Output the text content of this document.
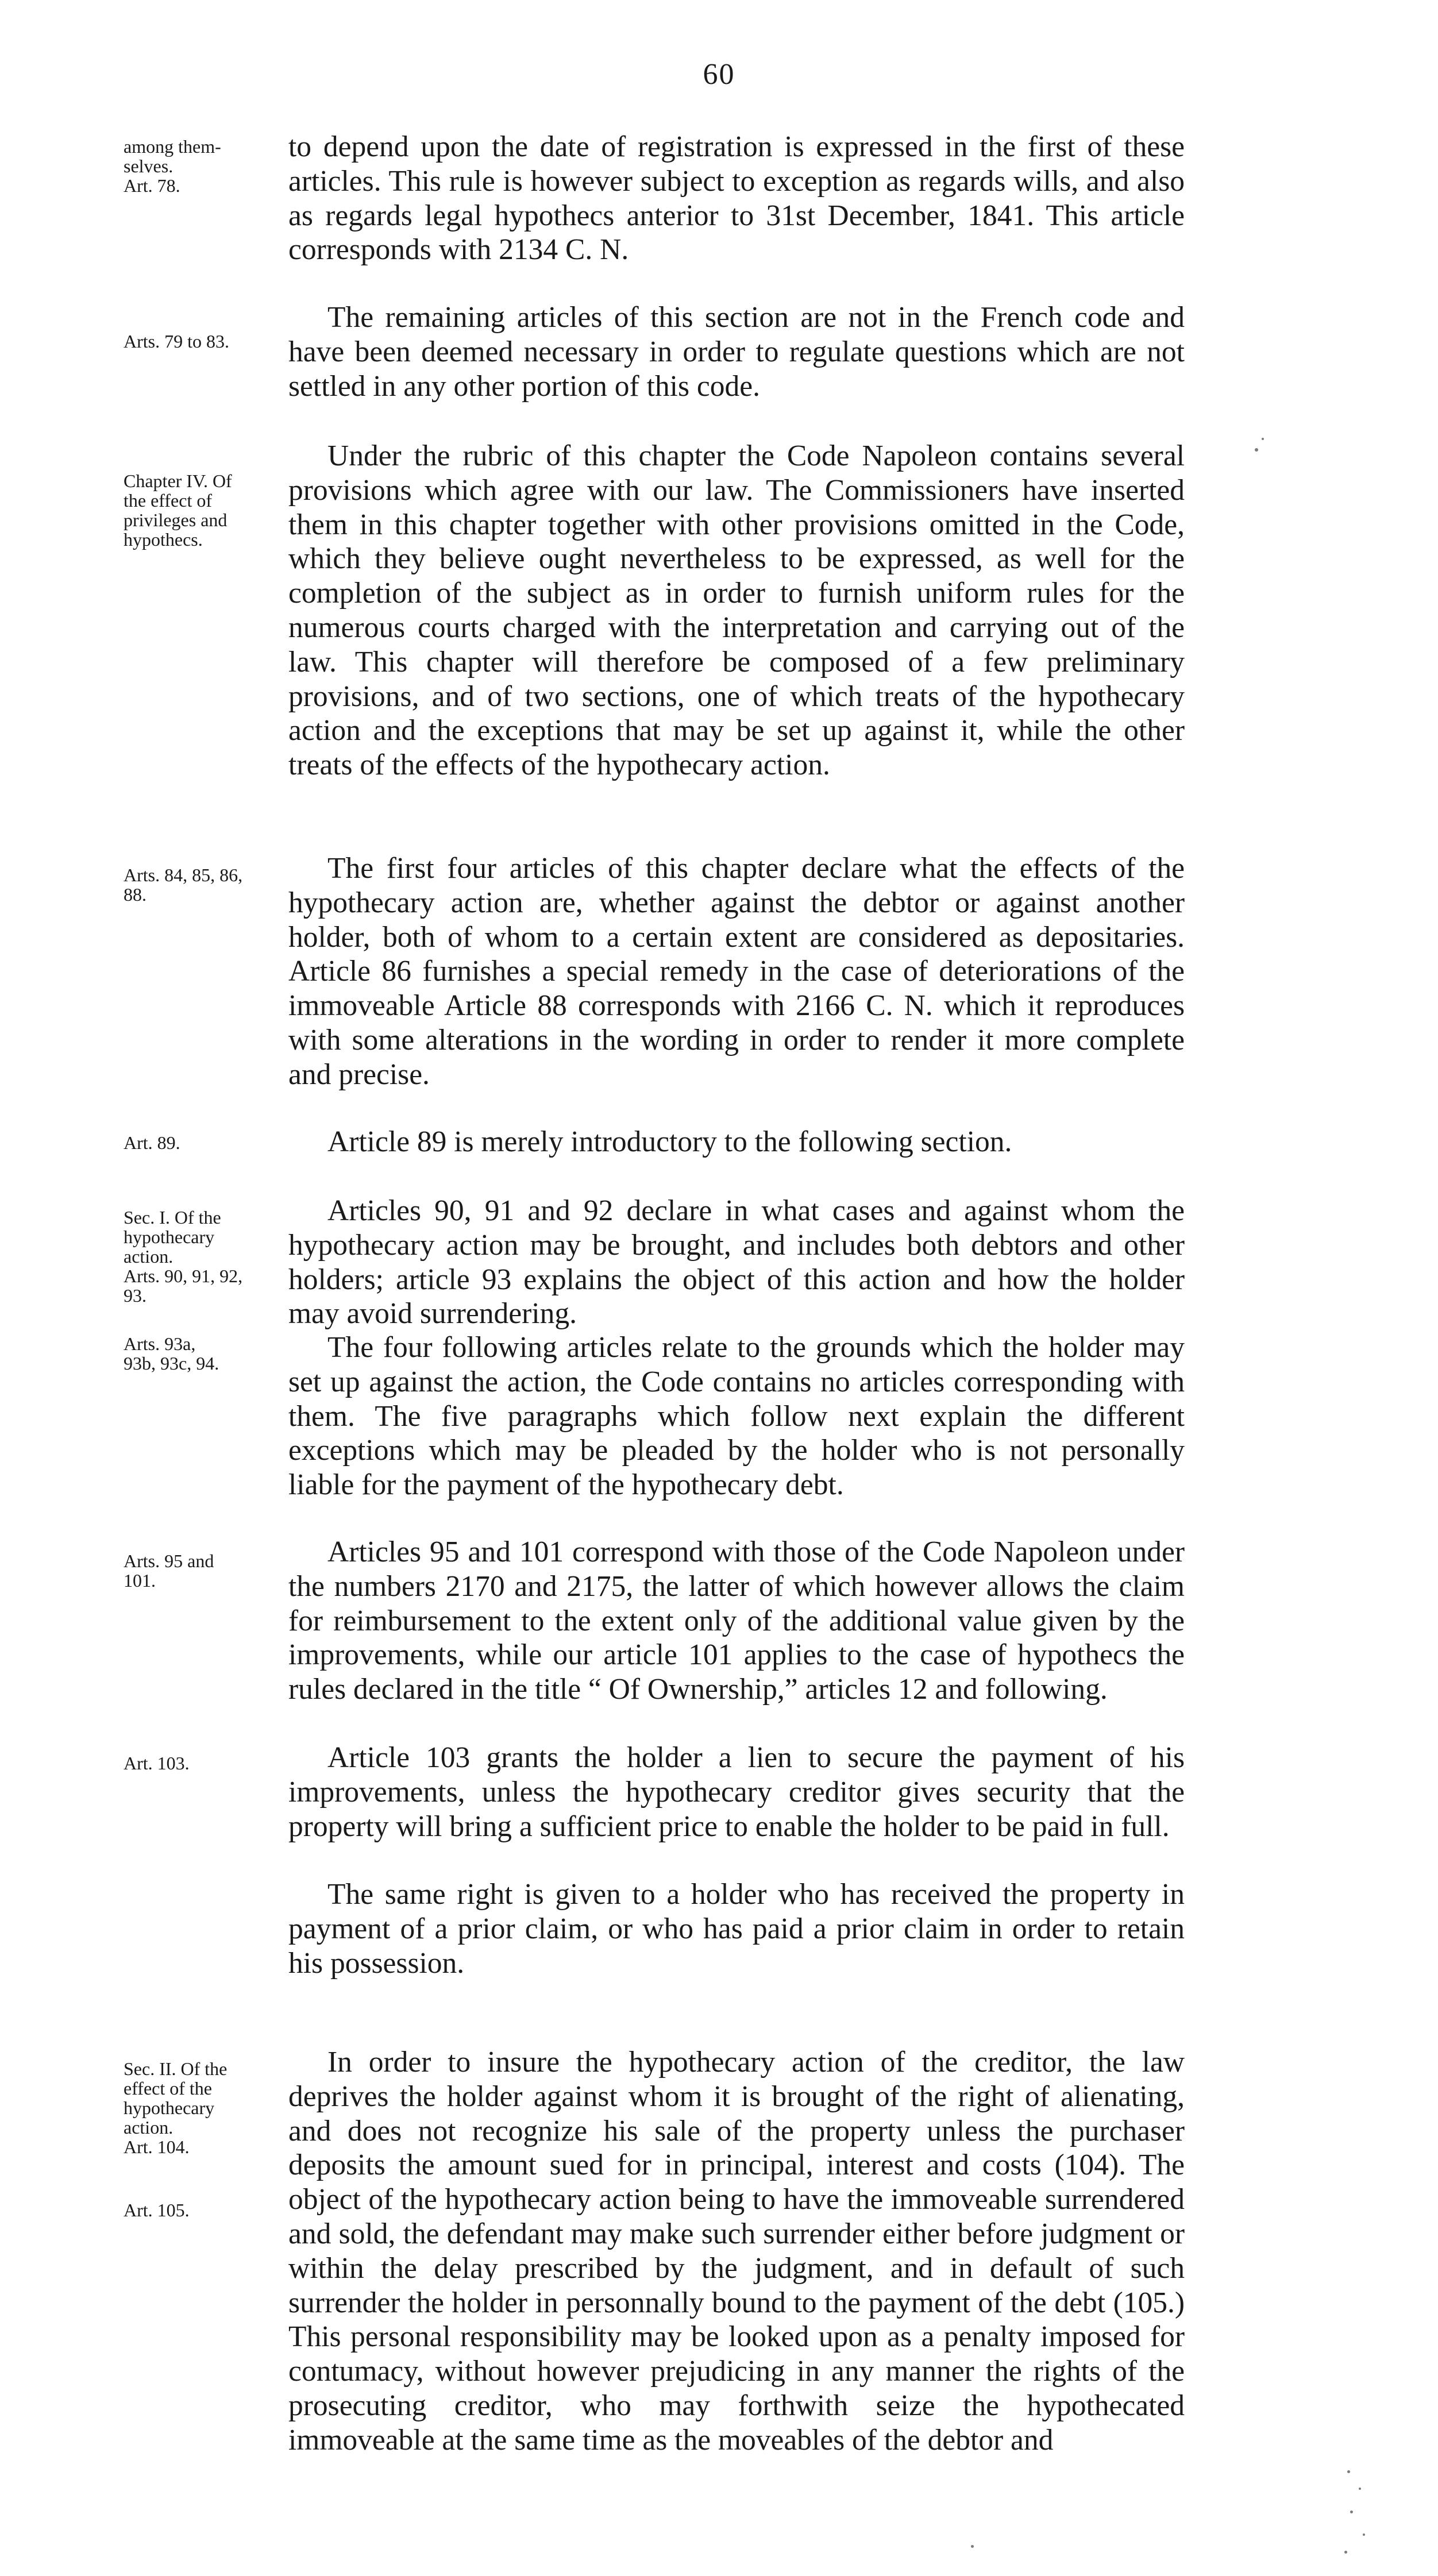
60
among them-
selves.
Art. 78.
to depend upon the date of registration is expressed in the first of these articles. This rule is however subject to exception as regards wills, and also as regards legal hypothecs anterior to 31st December, 1841. This article corresponds with 2134 C. N.
Arts. 79 to 83.
The remaining articles of this section are not in the French code and have been deemed necessary in order to regulate questions which are not settled in any other portion of this code.
Chapter IV. Of
the effect of
privileges and
hypothecs.
Under the rubric of this chapter the Code Napoleon contains several provisions which agree with our law. The Commissioners have inserted them in this chapter together with other provisions omitted in the Code, which they believe ought nevertheless to be expressed, as well for the completion of the subject as in order to furnish uniform rules for the numerous courts charged with the interpretation and carrying out of the law. This chapter will therefore be composed of a few preliminary provisions, and of two sections, one of which treats of the hypothecary action and the exceptions that may be set up against it, while the other treats of the effects of the hypothecary action.
Arts. 84, 85, 86,
88.
The first four articles of this chapter declare what the effects of the hypothecary action are, whether against the debtor or against another holder, both of whom to a certain extent are considered as depositaries. Article 86 furnishes a special remedy in the case of deteriorations of the immoveable Article 88 corresponds with 2166 C. N. which it reproduces with some alterations in the wording in order to render it more complete and precise.
Art. 89.	Article 89 is merely introductory to the following section.
Sec. I. Of the
hypothecary
action.
Arts. 90, 91, 92,
93.
Articles 90, 91 and 92 declare in what cases and against whom the hypothecary action may be brought, and includes both debtors and other holders; article 93 explains the object of this action and how the holder may avoid surrendering.
Arts. 93a,
93b, 93c, 94.	The four following articles relate to the grounds which the holder may set up against the action, the Code contains no articles corresponding with them. The five paragraphs which follow next explain the different exceptions which may be pleaded by the holder who is not personally liable for the payment of the hypothecary debt.
Arts. 95 and
101.
Articles 95 and 101 correspond with those of the Code Napoleon under the numbers 2170 and 2175, the latter of which however allows the claim for reimbursement to the extent only of the additional value given by the improvements, while our article 101 applies to the case of hypothecs the rules declared in the title “ Of Ownership,” articles 12 and following.
Art. 103.	Article 103 grants the holder a lien to secure the payment of his improvements, unless the hypothecary creditor gives security that the property will bring a sufficient price to enable the holder to be paid in full.
The same right is given to a holder who has received the property in payment of a prior claim, or who has paid a prior claim in order to retain his possession.
Sec. II. Of the
effect of the
hypothecary
action.
Art. 104.
In order to insure the hypothecary action of the creditor, the law deprives the holder against whom it is brought of the right of alienating, and does not recognize his sale of the property unless the purchaser deposits the amount sued for in principal, interest and costs (104). The object of the hypothecary action being to have the immoveable surrendered and sold, the defendant may make such surrender either before judgment or within the delay prescribed by the judgment, and in default of such surrender the holder in personnally bound to the payment of the debt (105.) This personal responsibility may be looked upon as a penalty imposed for contumacy, without however prejudicing in any manner the rights of the prosecuting creditor, who may forthwith seize the hypothecated immoveable at the same time as the moveables of the debtor and
Art. 105.
